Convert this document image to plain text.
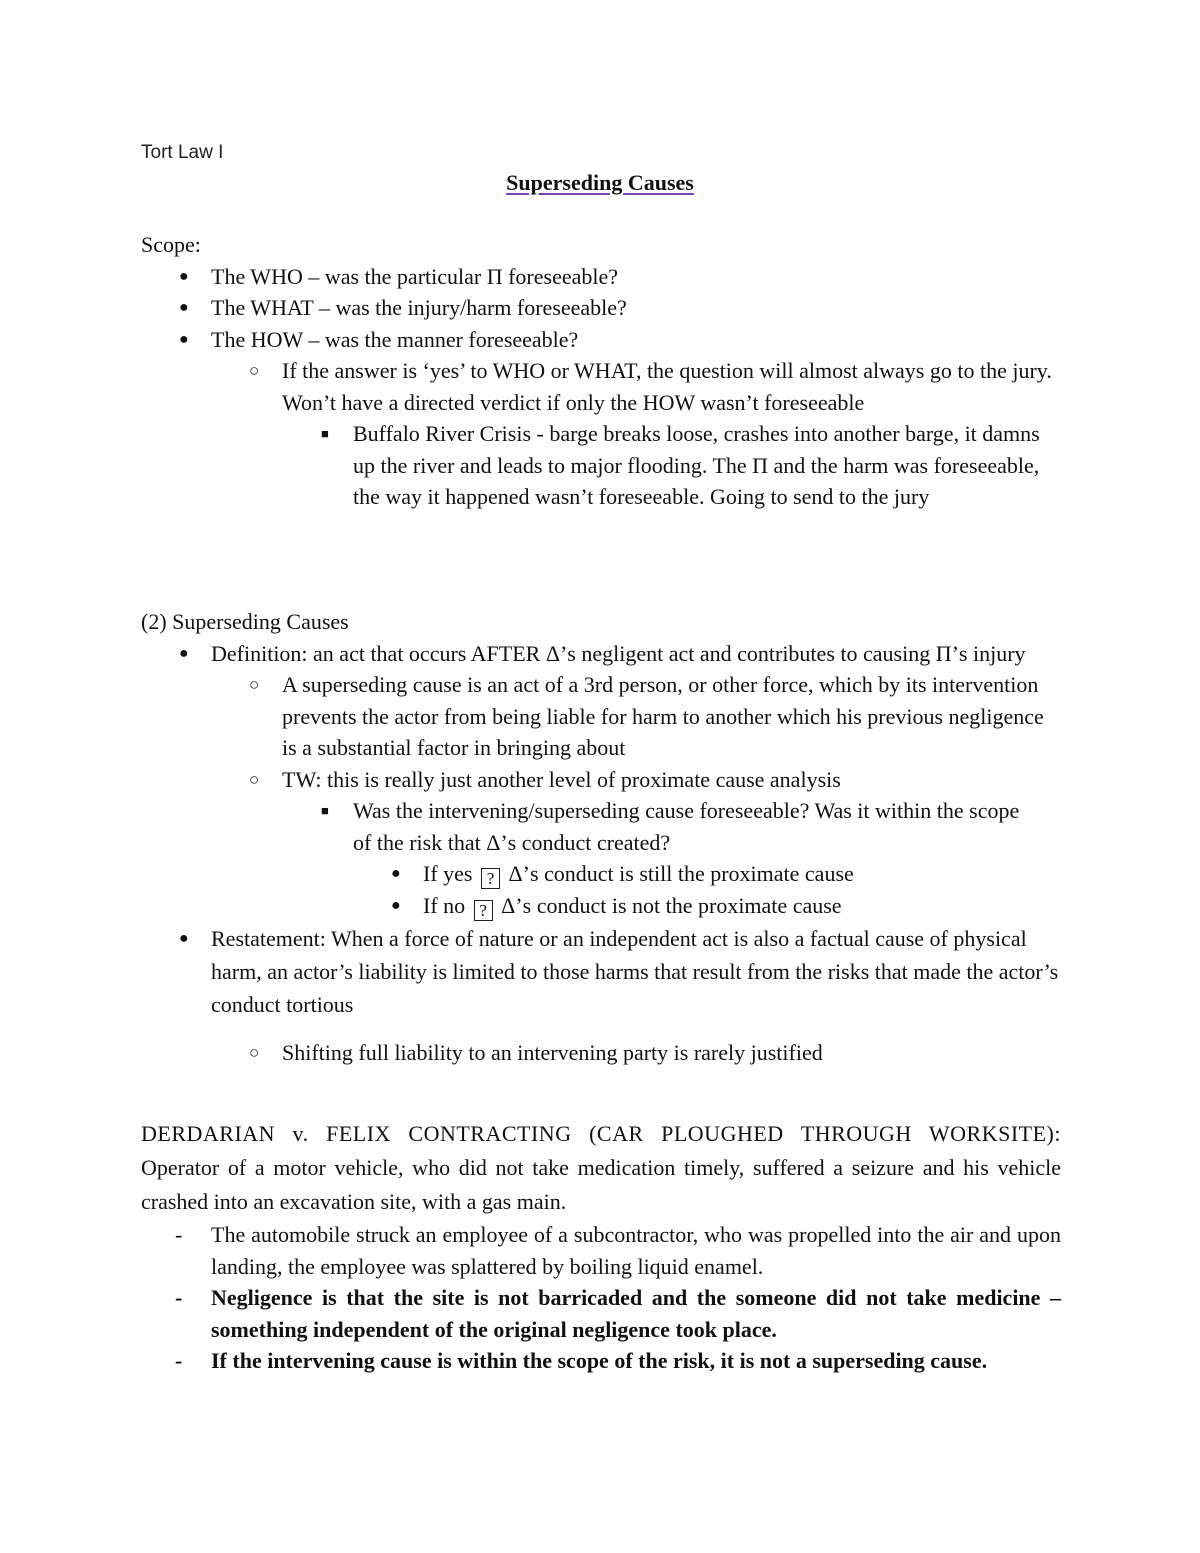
Tort Law I
Superseding Causes
Scope:
● The WHO – was the particular Π foreseeable?
● The WHAT – was the injury/harm foreseeable?
● The HOW – was the manner foreseeable?
○ If the answer is ‘yes’ to WHO or WHAT, the question will almost always go to the jury. Won’t have a directed verdict if only the HOW wasn’t foreseeable
■ Buffalo River Crisis - barge breaks loose, crashes into another barge, it damns up the river and leads to major flooding. The Π and the harm was foreseeable, the way it happened wasn’t foreseeable. Going to send to the jury
(2) Superseding Causes
● Definition: an act that occurs AFTER Δ’s negligent act and contributes to causing Π’s injury
○ A superseding cause is an act of a 3rd person, or other force, which by its intervention prevents the actor from being liable for harm to another which his previous negligence is a substantial factor in bringing about
○ TW: this is really just another level of proximate cause analysis
■ Was the intervening/superseding cause foreseeable? Was it within the scope of the risk that Δ’s conduct created?
● If yes ? Δ’s conduct is still the proximate cause
● If no ? Δ’s conduct is not the proximate cause
● Restatement: When a force of nature or an independent act is also a factual cause of physical harm, an actor’s liability is limited to those harms that result from the risks that made the actor’s conduct tortious
○ Shifting full liability to an intervening party is rarely justified
DERDARIAN v. FELIX CONTRACTING (CAR PLOUGHED THROUGH WORKSITE): Operator of a motor vehicle, who did not take medication timely, suffered a seizure and his vehicle crashed into an excavation site, with a gas main.
- The automobile struck an employee of a subcontractor, who was propelled into the air and upon landing, the employee was splattered by boiling liquid enamel.
- Negligence is that the site is not barricaded and the someone did not take medicine – something independent of the original negligence took place.
- If the intervening cause is within the scope of the risk, it is not a superseding cause.
